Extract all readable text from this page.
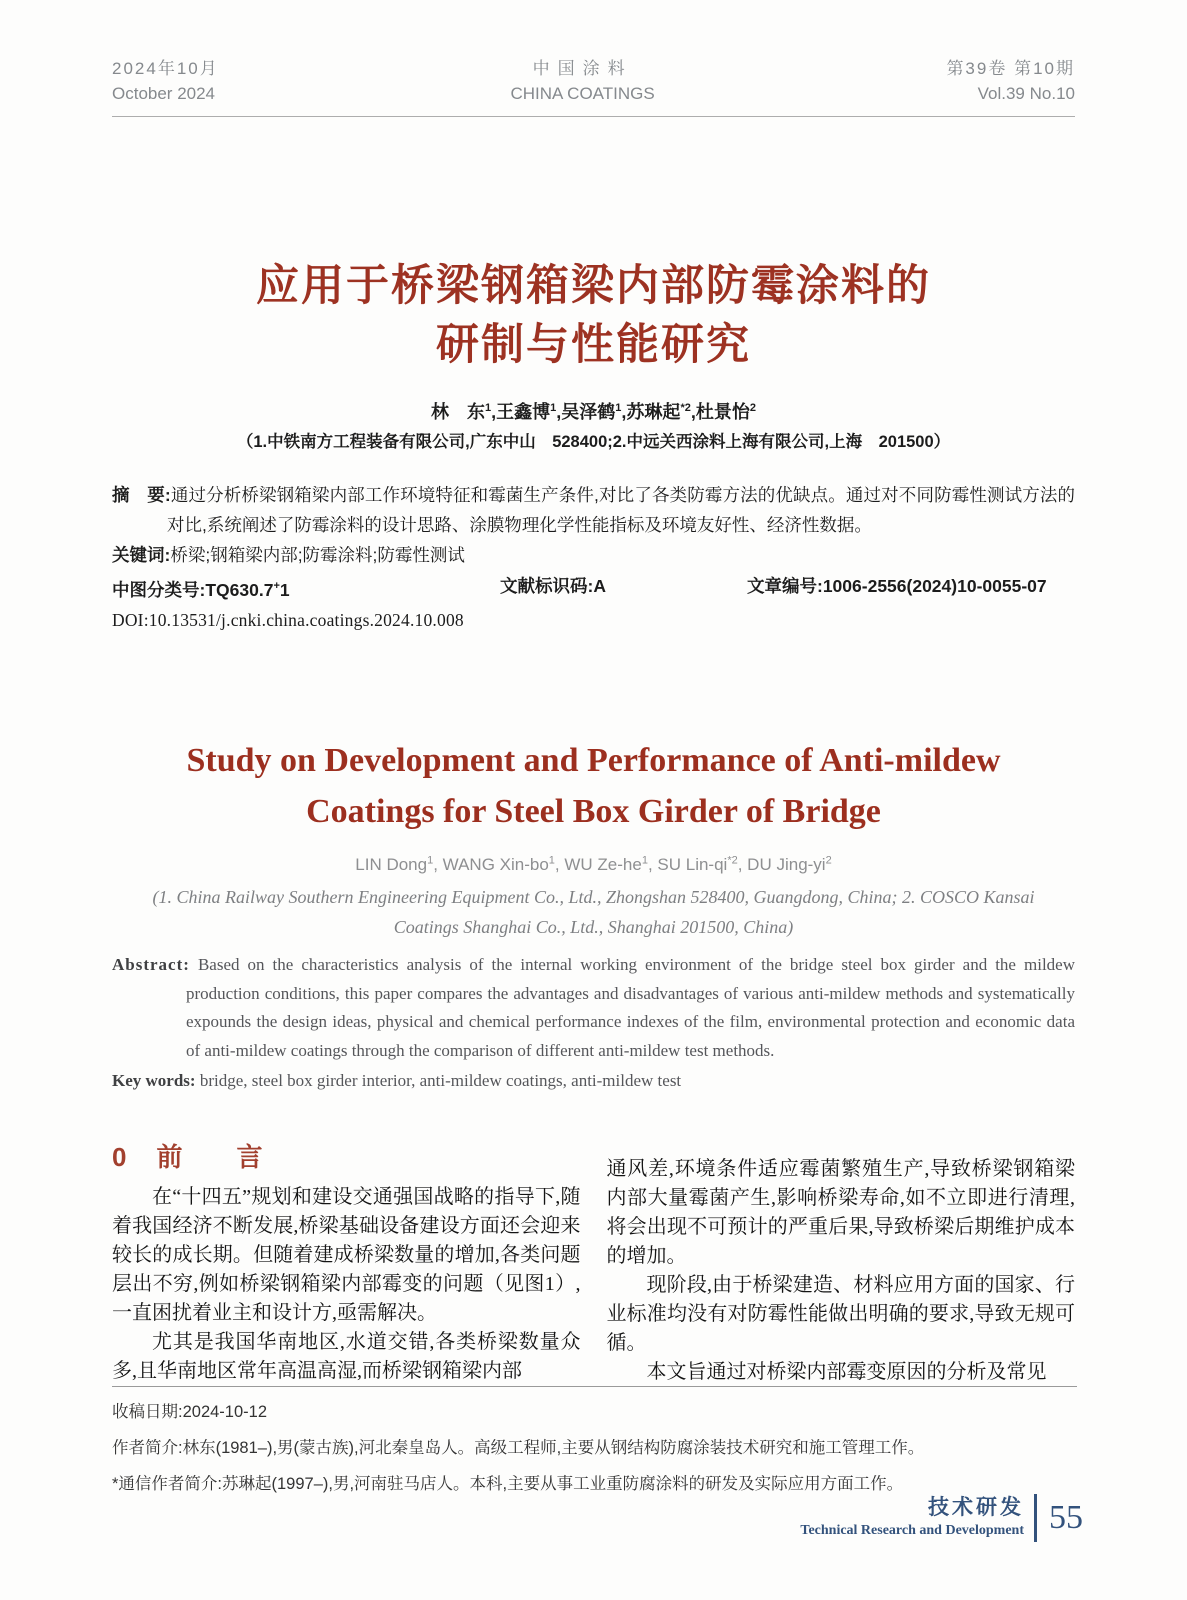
2024年10月
October 2024
中国涂料
CHINA COATINGS
第39卷 第10期
Vol.39 No.10
应用于桥梁钢箱梁内部防霉涂料的
研制与性能研究
林　东$^1$,王鑫博$^1$,吴泽鹤$^1$,苏琳起$^{*2}$,杜景怡$^2$
（1.中铁南方工程装备有限公司,广东中山　528400;2.中远关西涂料上海有限公司,上海　201500）

摘　要:通过分析桥梁钢箱梁内部工作环境特征和霉菌生产条件,对比了各类防霉方法的优缺点。通过对不同防霉性测试方法的对比,系统阐述了防霉涂料的设计思路、涂膜物理化学性能指标及环境友好性、经济性数据。

关键词:桥梁;钢箱梁内部;防霉涂料;防霉性测试

中图分类号:TQ630.7+1	文献标识码:A	文章编号:1006-2556(2024)10-0055-07

DOI:10.13531/j.cnki.china.coatings.2024.10.008

Study on Development and Performance of Anti-mildew
Coatings for Steel Box Girder of Bridge
LIN Dong$^1$, WANG Xin-$bo^1$, WU $Ze-he^1$, SU Lin-$qi^{*2}$, DU Jing-$yi^2$
(1. China Railway Southern Engineering Equipment Co., Ltd., Zhongshan 528400, Guangdong, China; 2. COSCO Kansai
Coatings Shanghai Co., Ltd., Shanghai 201500, China)

Abstract: Based on the characteristics analysis of the internal working environment of the bridge steel box girder and the mildew production conditions, this paper compares the advantages and disadvantages of various anti-mildew methods and systematically expounds the design ideas, physical and chemical performance indexes of the film, environmental protection and economic data of anti-mildew coatings through the comparison of different anti-mildew test methods.

Key words: bridge, steel box girder interior, anti-mildew coatings, anti-mildew test

0 前　言

在“十四五”规划和建设交通强国战略的指导下,随着我国经济不断发展,桥梁基础设备建设方面还会迎来较长的成长期。但随着建成桥梁数量的增加,各类问题层出不穷,例如桥梁钢箱梁内部霉变的问题（见图1）,一直困扰着业主和设计方,亟需解决。

尤其是我国华南地区,水道交错,各类桥梁数量众多,且华南地区常年高温高湿,而桥梁钢箱梁内部

通风差,环境条件适应霉菌繁殖生产,导致桥梁钢箱梁内部大量霉菌产生,影响桥梁寿命,如不立即进行清理,将会出现不可预计的严重后果,导致桥梁后期维护成本的增加。

现阶段,由于桥梁建造、材料应用方面的国家、行业标准均没有对防霉性能做出明确的要求,导致无规可循。

本文旨通过对桥梁内部霉变原因的分析及常见

收稿日期:2024-10-12

作者简介:林东(1981–),男(蒙古族),河北秦皇岛人。高级工程师,主要从钢结构防腐涂装技术研究和施工管理工作。

*通信作者简介:苏琳起(1997–),男,河南驻马店人。本科,主要从事工业重防腐涂料的研发及实际应用方面工作。

技术研发
Technical Research and Development 55
